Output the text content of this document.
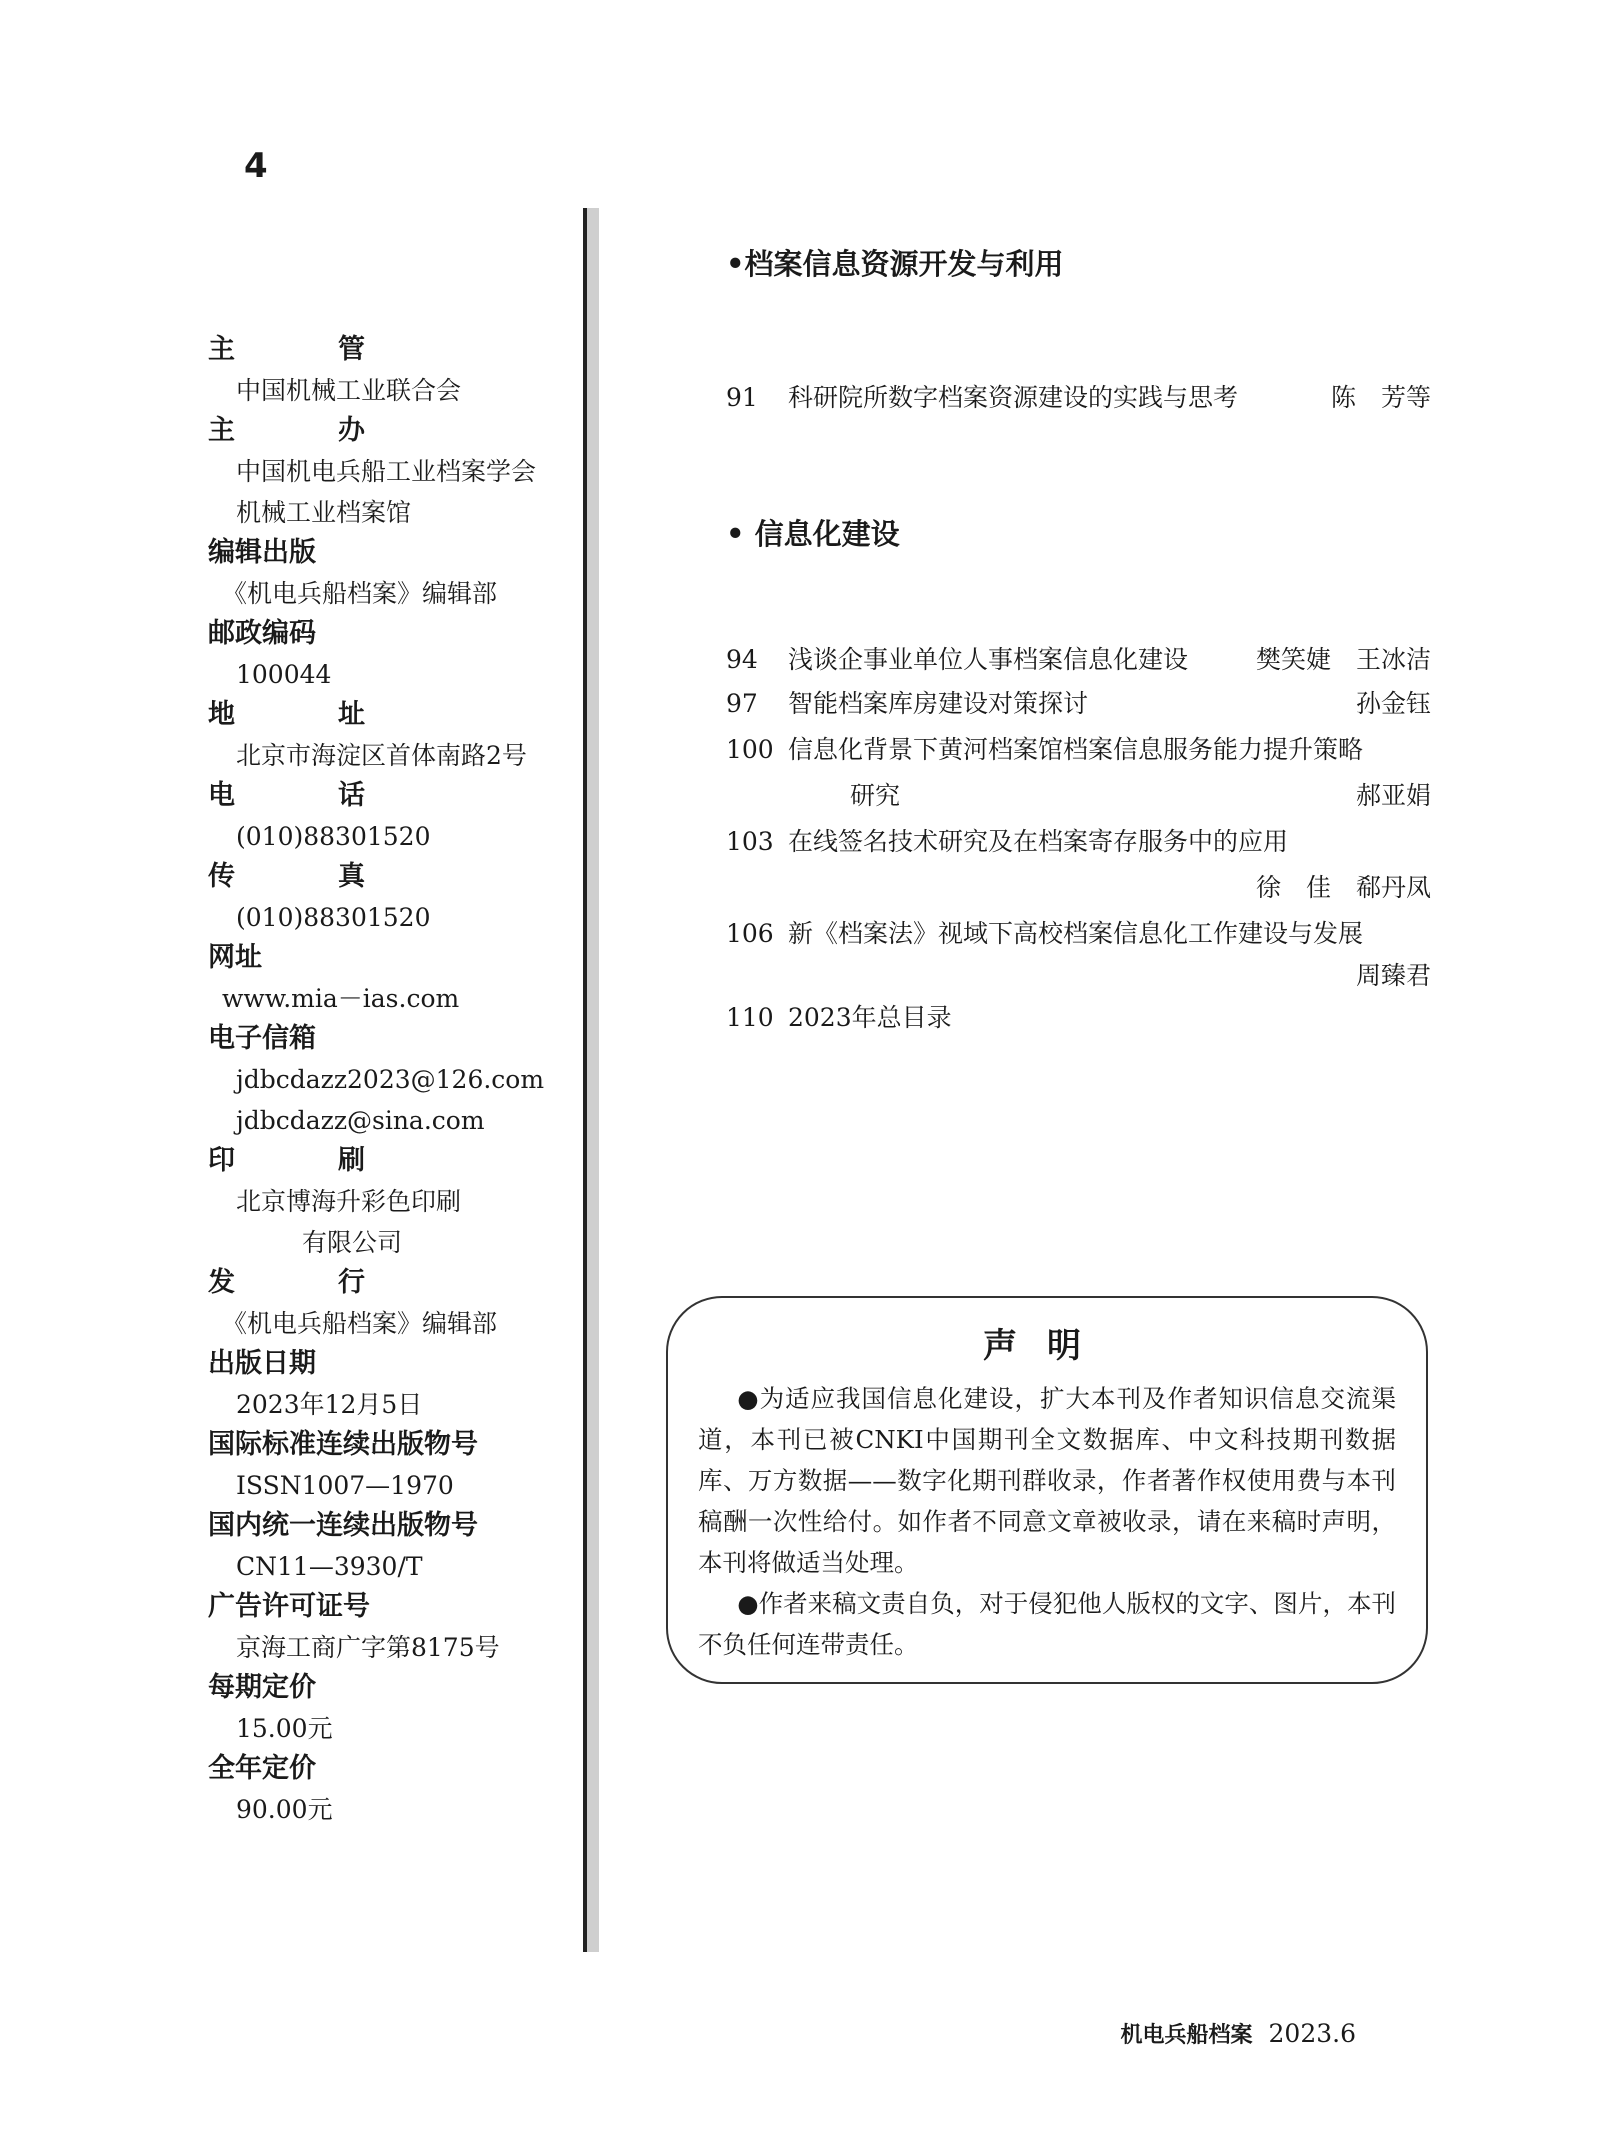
4
主　管
中国机械工业联合会
主　办
中国机电兵船工业档案学会
机械工业档案馆
编辑出版
《机电兵船档案》编辑部
邮政编码
100044
地　址
北京市海淀区首体南路2号
电　话
(010)88301520
传　真
(010)88301520
网址
www.mia－ias.com
电子信箱
jdbcdazz2023@126.com
jdbcdazz@sina.com
印　刷
北京博海升彩色印刷
有限公司
发　行
《机电兵船档案》编辑部
出版日期
2023年12月5日
国际标准连续出版物号
ISSN1007—1970
国内统一连续出版物号
CN11—3930/T
广告许可证号
京海工商广字第8175号
每期定价
15.00元
全年定价
90.00元
•档案信息资源开发与利用
91 科研院所数字档案资源建设的实践与思考	陈　芳等
• 信息化建设
94 浅谈企事业单位人事档案信息化建设	樊笑婕　王冰洁
97 智能档案库房建设对策探讨	孙金钰
100 信息化背景下黄河档案馆档案信息服务能力提升策略
研究	郝亚娟
103 在线签名技术研究及在档案寄存服务中的应用
徐　佳　郗丹凤
106 新《档案法》视域下高校档案信息化工作建设与发展
周臻君
110 2023年总目录
声明

●为适应我国信息化建设，扩大本刊及作者知识信息交流渠道，本刊已被CNKI中国期刊全文数据库、中文科技期刊数据库、万方数据——数字化期刊群收录，作者著作权使用费与本刊稿酬一次性给付。如作者不同意文章被收录，请在来稿时声明，本刊将做适当处理。

●作者来稿文责自负，对于侵犯他人版权的文字、图片，本刊不负任何连带责任。

机电兵船档案 2023.6
